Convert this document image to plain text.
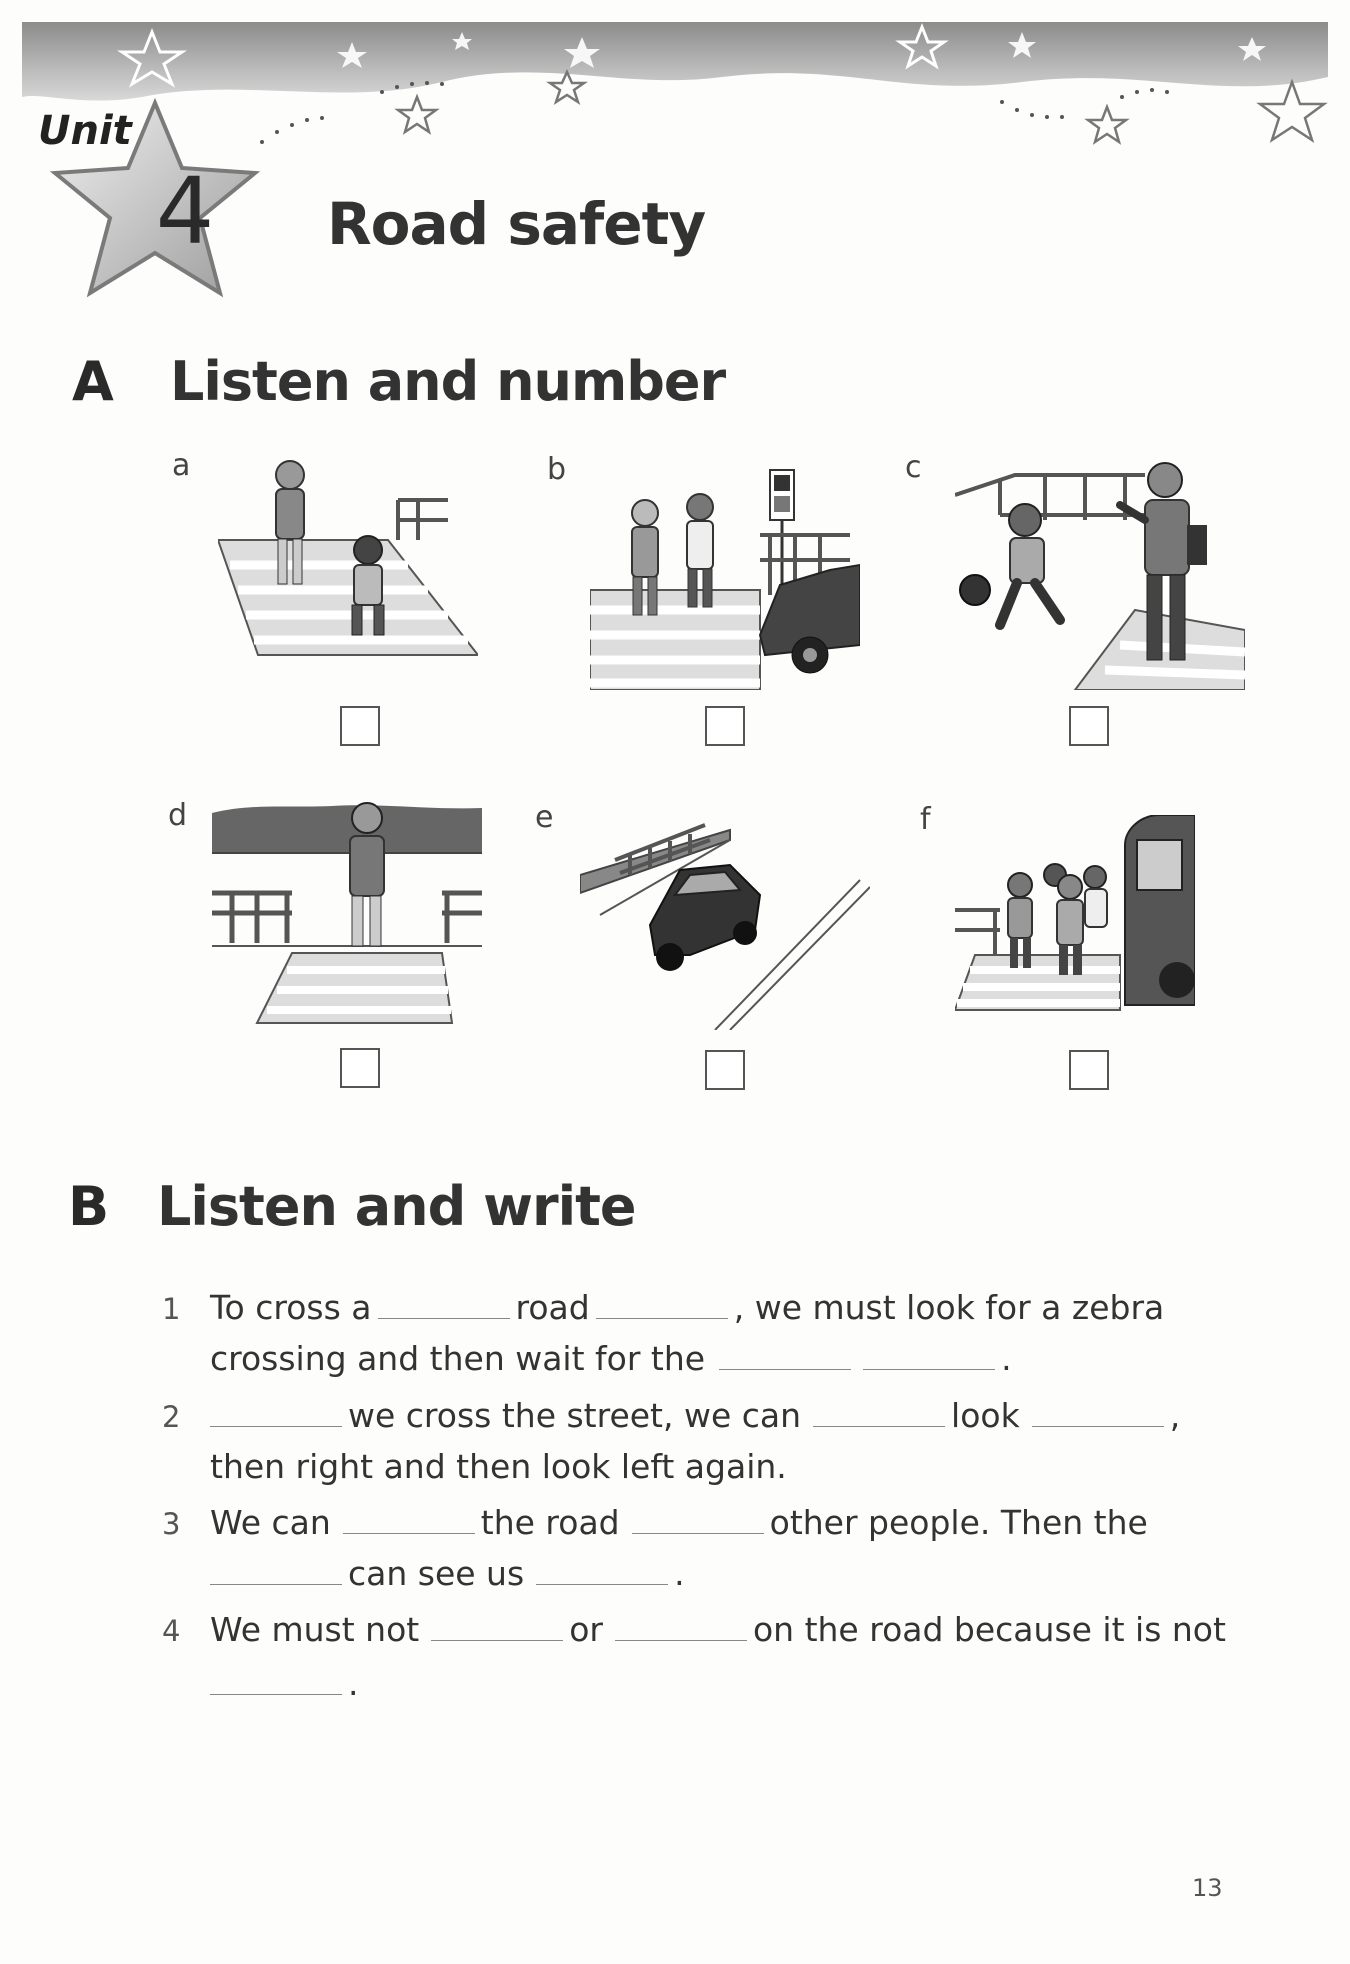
Unit
4 Road safety
A Listen and number
a	b	c
d	e	f
B Listen and write
1 To cross a	road	, we must look for a zebra
crossing and then wait for the	.
2	we cross the street, we can	look	,
then right and then look left again.
3 We can	the road	other people. Then the
can see us	.
4 We must not	or	on the road because it is not
.
13
